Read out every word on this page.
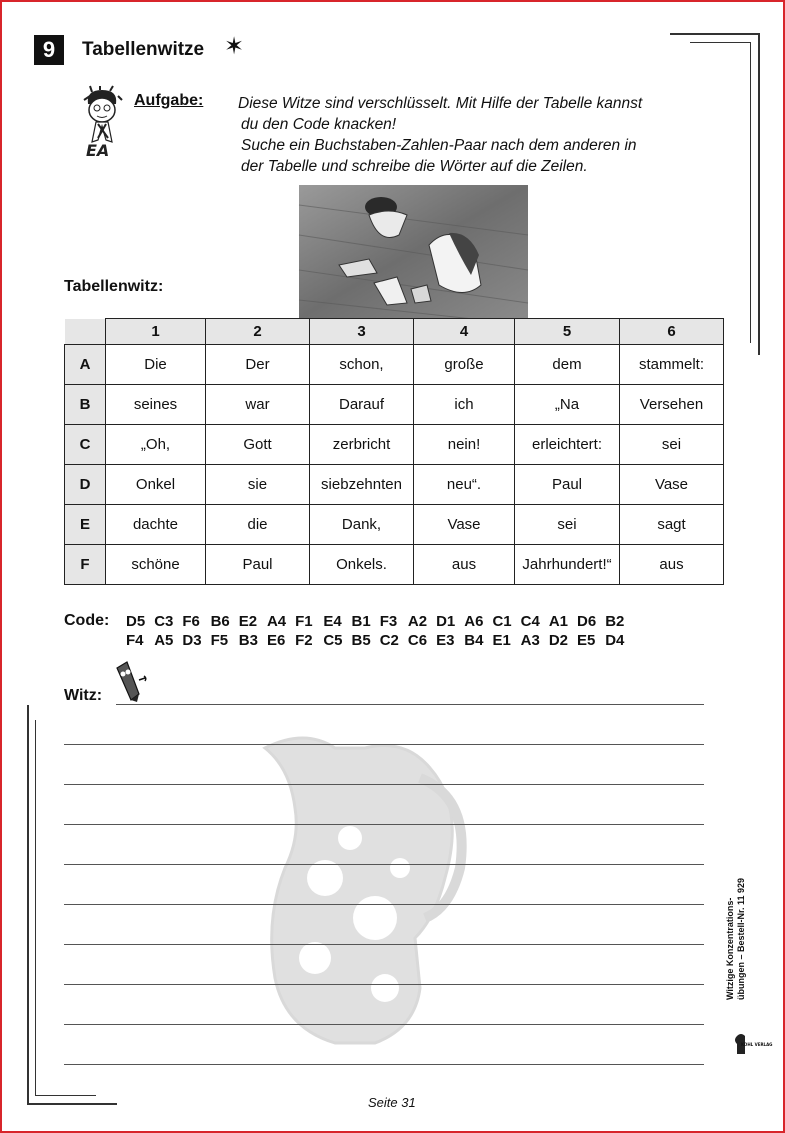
9	Tabellenwitze ✶
EA
Aufgabe: Diese Witze sind verschlüsselt. Mit Hilfe der Tabelle kannst
du den Code knacken!
Suche ein Buchstaben-Zahlen-Paar nach dem anderen in
der Tabelle und schreibe die Wörter auf die Zeilen.
Tabellenwitz:
	1	2	3	4	5	6
A	Die	Der	schon,	große	dem	stammelt:
B	seines	war	Darauf	ich	„Na	Versehen
C	„Oh,	Gott	zerbricht	nein!	erleichtert:	sei
D	Onkel	sie	siebzehnten	neu“.	Paul	Vase
E	dachte	die	Dank,	Vase	sei	sagt
F	schöne	Paul	Onkels.	aus	Jahrhundert!“	aus
Code: D5 C3 F6 B6 E2 A4 F1 E4 B1 F3 A2 D1 A6 C1 C4 A1 D6 B2
F4 A5 D3 F5 B3 E6 F2 C5 B5 C2 C6 E3 B4 E1 A3 D2 E5 D4
Witz:
Witzige Konzentrations- übungen – Bestell-Nr. 11 929
KOHL VERLAG
Seite 31
